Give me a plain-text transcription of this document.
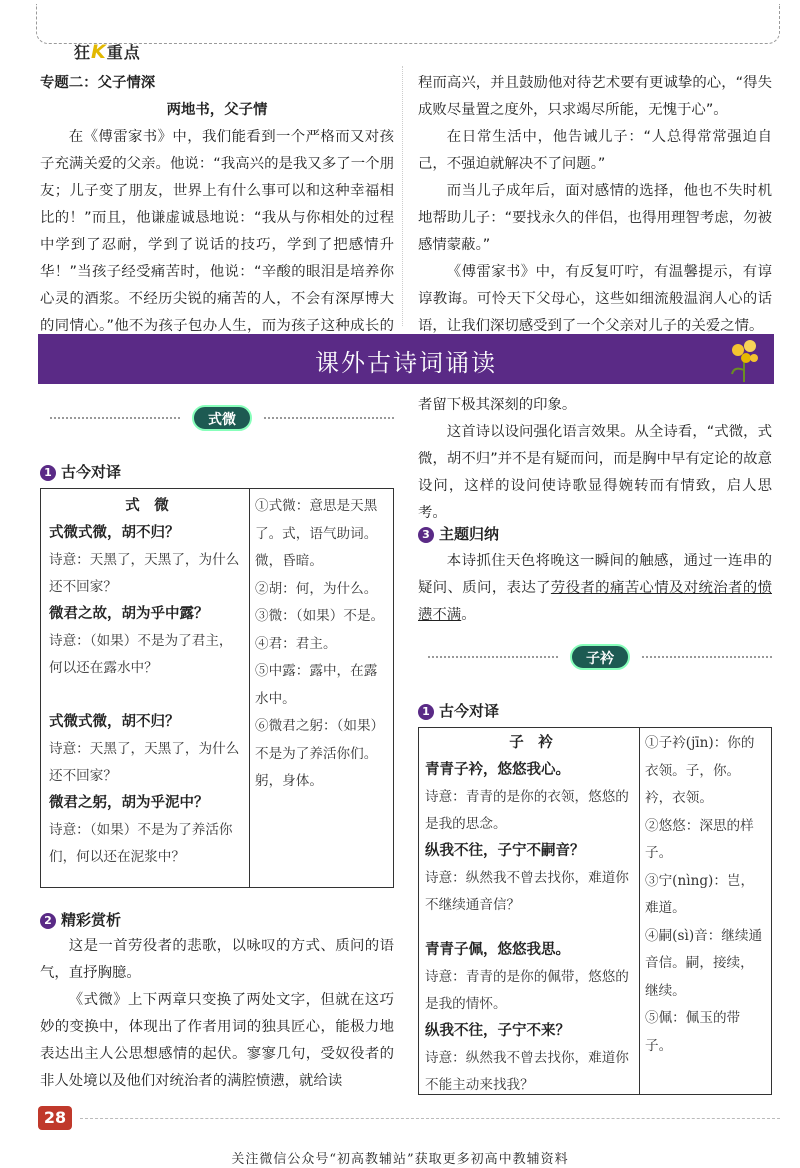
狂K重点

专题二：父子情深

两地书，父子情

在《傅雷家书》中，我们能看到一个严格而又对孩子充满关爱的父亲。他说：“我高兴的是我又多了一个朋友；儿子变了朋友，世界上有什么事可以和这种幸福相比的！”而且，他谦虚诚恳地说：“我从与你相处的过程中学到了忍耐，学到了说话的技巧，学到了把感情升华！”当孩子经受痛苦时，他说：“辛酸的眼泪是培养你心灵的酒浆。不经历尖锐的痛苦的人，不会有深厚博大的同情心。”他不为孩子包办人生，而为孩子这种成长的

程而高兴，并且鼓励他对待艺术要有更诚挚的心，“得失成败尽量置之度外，只求竭尽所能，无愧于心”。

在日常生活中，他告诫儿子：“人总得常常强迫自己，不强迫就解决不了问题。”

而当儿子成年后，面对感情的选择，他也不失时机地帮助儿子：“要找永久的伴侣，也得用理智考虑，勿被感情蒙蔽。”

《傅雷家书》中，有反复叮咛，有温馨提示，有谆谆教诲。可怜天下父母心，这些如细流般温润人心的话语，让我们深切感受到了一个父亲对儿子的关爱之情。

课外古诗词诵读
式微
1 古今对译
式　微
式微式微，胡不归？
诗意：天黑了，天黑了，为什么还不回家？
微君之故，胡为乎中露？
诗意：（如果）不是为了君主，何以还在露水中？
式微式微，胡不归？
诗意：天黑了，天黑了，为什么还不回家？
微君之躬，胡为乎泥中？
诗意：（如果）不是为了养活你们，何以还在泥浆中？
①式微：意思是天黑了。式，语气助词。微，昏暗。
②胡：何，为什么。
③微：（如果）不是。
④君：君主。
⑤中露：露中，在露水中。
⑥微君之躬：（如果）不是为了养活你们。躬，身体。
2 精彩赏析

这是一首劳役者的悲歌，以咏叹的方式、质问的语气，直抒胸臆。

《式微》上下两章只变换了两处文字，但就在这巧妙的变换中，体现出了作者用词的独具匠心，能极力地表达出主人公思想感情的起伏。寥寥几句，受奴役者的非人处境以及他们对统治者的满腔愤懑，就给读

者留下极其深刻的印象。

这首诗以设问强化语言效果。从全诗看，“式微，式微，胡不归”并不是有疑而问，而是胸中早有定论的故意设问，这样的设问使诗歌显得婉转而有情致，启人思考。

3 主题归纳

本诗抓住天色将晚这一瞬间的触感，通过一连串的疑问、质问，表达了劳役者的痛苦心情及对统治者的愤懑不满。

子衿
1 古今对译
子　衿
青青子衿，悠悠我心。
诗意：青青的是你的衣领，悠悠的是我的思念。
纵我不往，子宁不嗣音？
诗意：纵然我不曾去找你，难道你不继续通音信？
青青子佩，悠悠我思。
诗意：青青的是你的佩带，悠悠的是我的情怀。
纵我不往，子宁不来？
诗意：纵然我不曾去找你，难道你不能主动来找我？
①子衿(jīn)：你的衣领。子，你。衿，衣领。
②悠悠：深思的样子。
③宁(nìng)：岂，难道。
④嗣(sì)音：继续通音信。嗣，接续，继续。
⑤佩：佩玉的带子。
28
关注微信公众号“初高教辅站”获取更多初高中教辅资料
